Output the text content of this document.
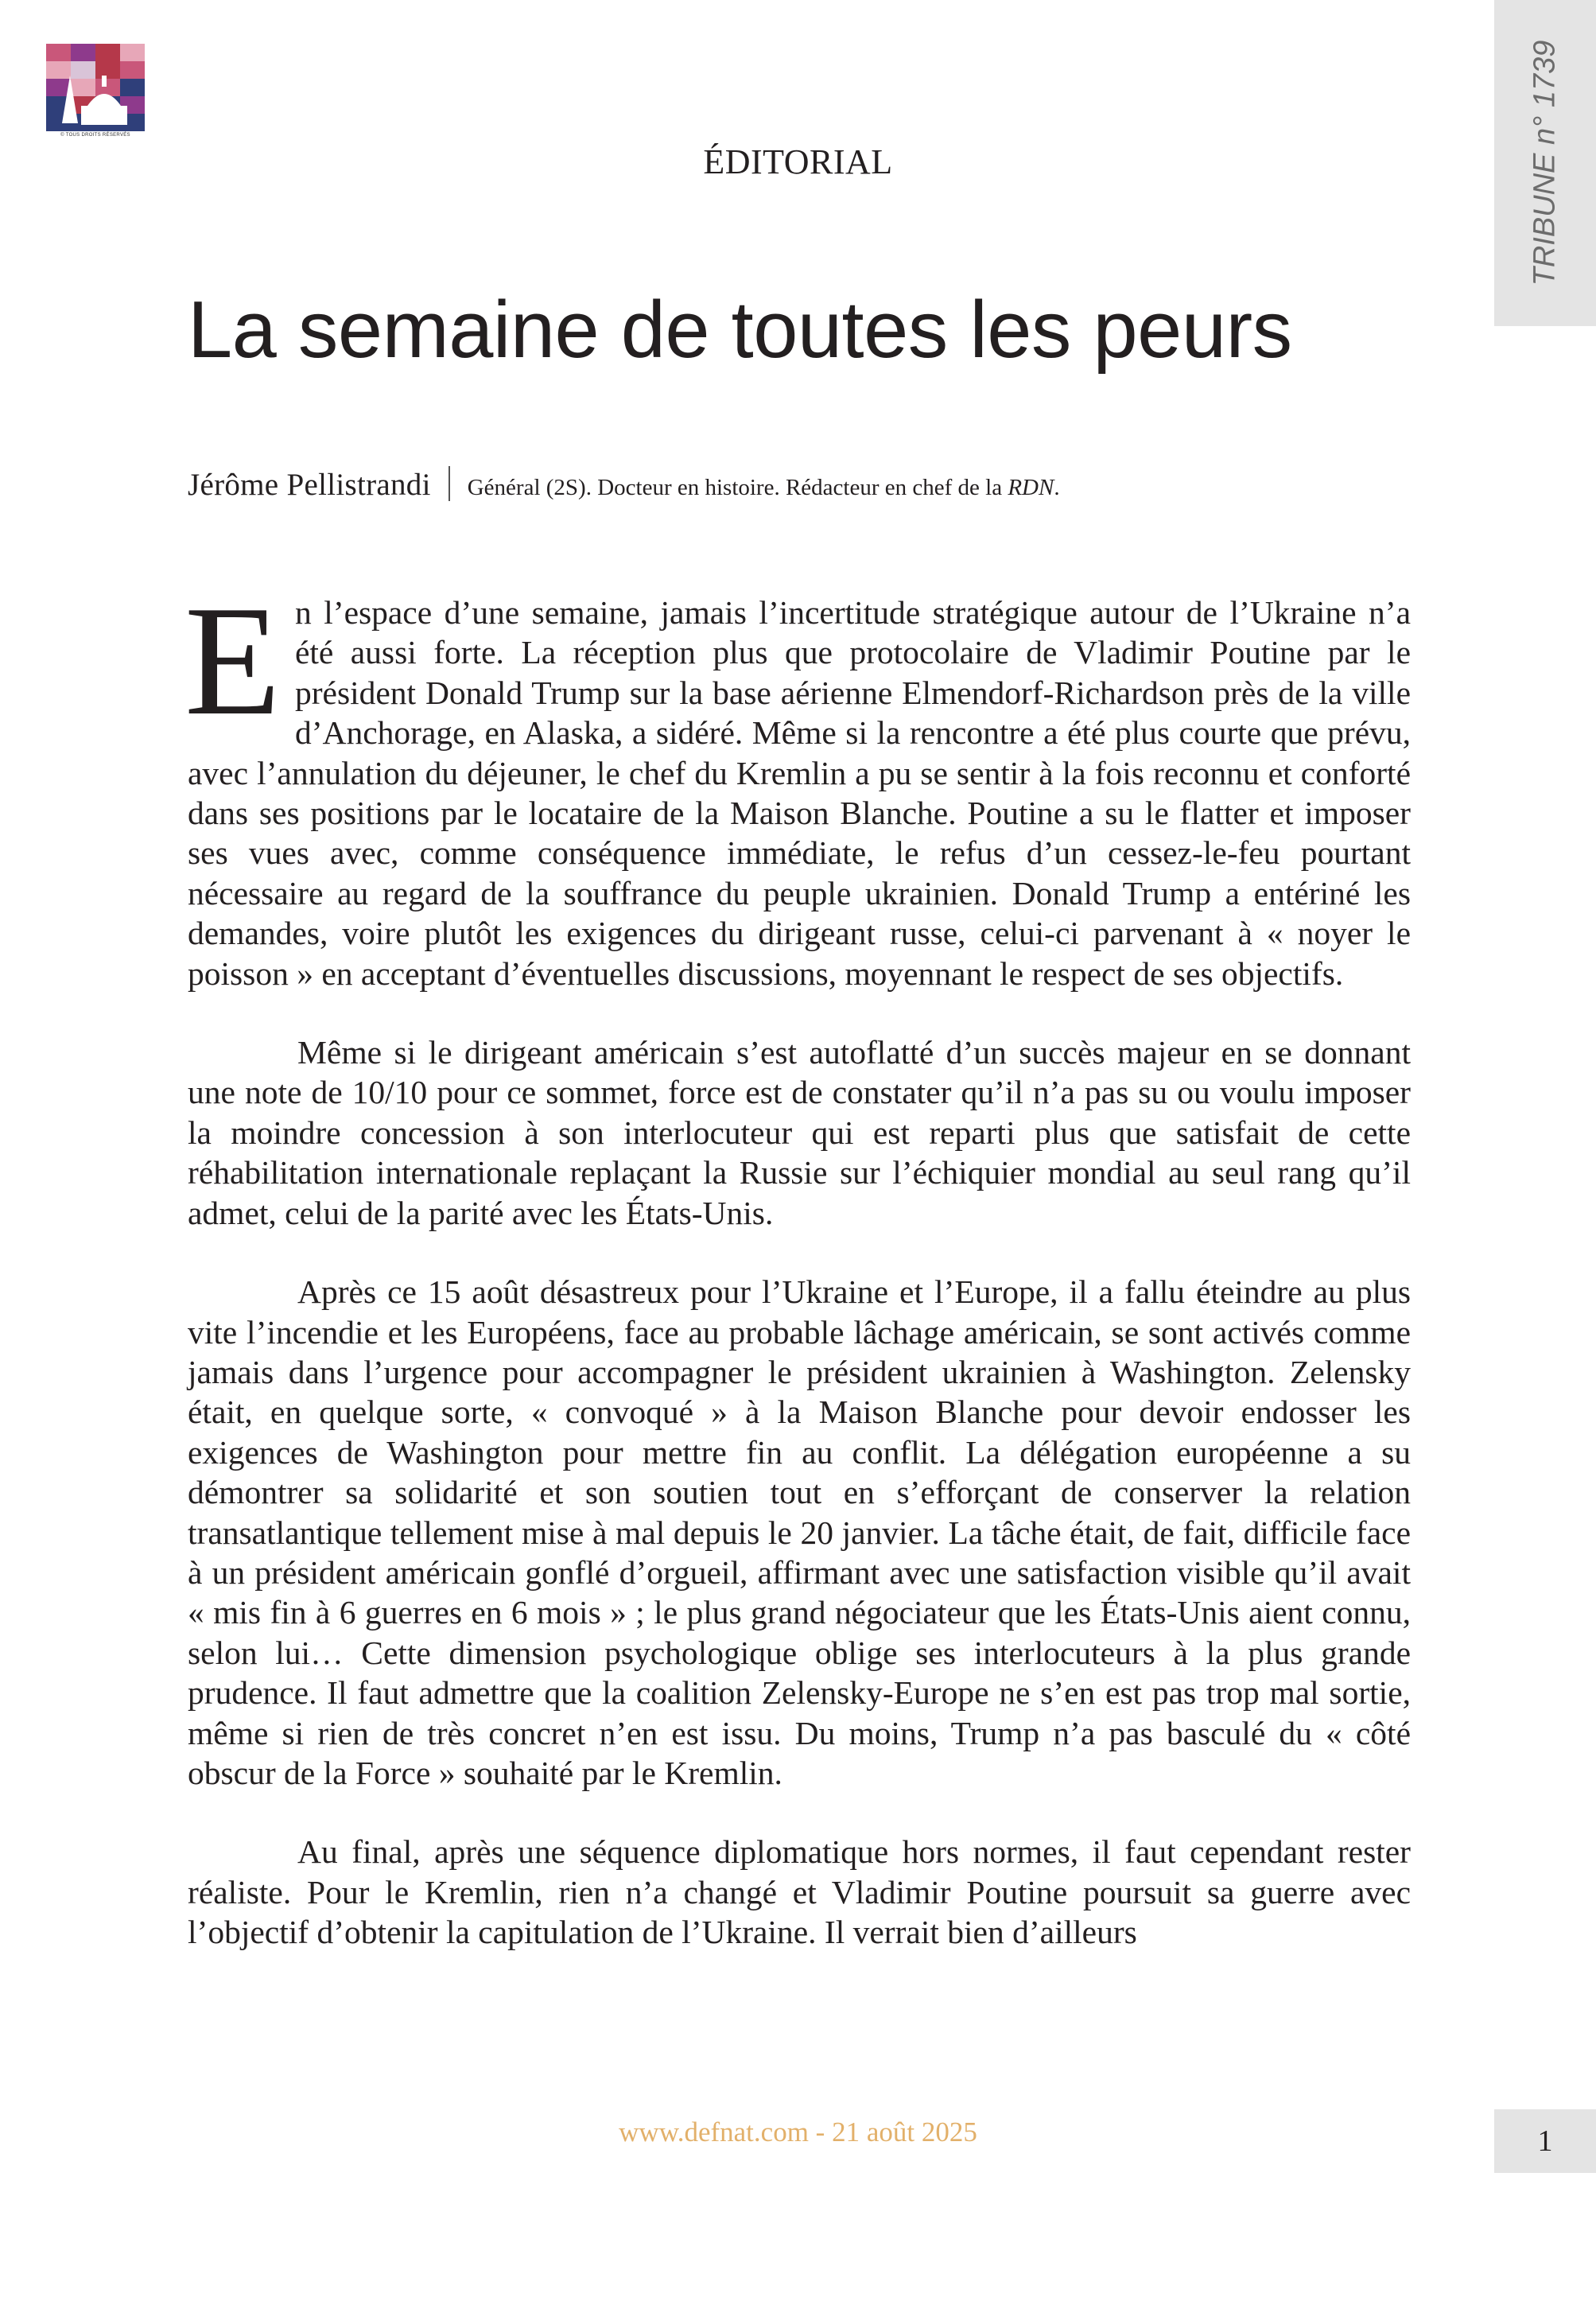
© TOUS DROITS RÉSERVÉS	TRIBUNE n° 1739
ÉDITORIAL
La semaine de toutes les peurs
Jérôme Pellistrandi Général (2S). Docteur en histoire. Rédacteur en chef de la RDN.

En l’espace d’une semaine, jamais l’incertitude stratégique autour de l’Ukraine n’a été aussi forte. La réception plus que protocolaire de Vladimir Poutine par le président Donald Trump sur la base aérienne Elmendorf-Richardson près de la ville d’Anchorage, en Alaska, a sidéré. Même si la rencontre a été plus courte que prévu, avec l’annulation du déjeuner, le chef du Kremlin a pu se sentir à la fois reconnu et conforté dans ses positions par le locataire de la Maison Blanche. Poutine a su le flatter et imposer ses vues avec, comme conséquence immédiate, le refus d’un cessez-le-feu pourtant nécessaire au regard de la souffrance du peuple ukrainien. Donald Trump a entériné les demandes, voire plutôt les exigences du dirigeant russe, celui-ci parvenant à « noyer le poisson » en acceptant d’éventuelles discussions, moyennant le respect de ses objectifs.

Même si le dirigeant américain s’est autoflatté d’un succès majeur en se donnant une note de 10/10 pour ce sommet, force est de constater qu’il n’a pas su ou voulu imposer la moindre concession à son interlocuteur qui est reparti plus que satisfait de cette réhabilitation internationale replaçant la Russie sur l’échiquier mondial au seul rang qu’il admet, celui de la parité avec les États-Unis.

Après ce 15 août désastreux pour l’Ukraine et l’Europe, il a fallu éteindre au plus vite l’incendie et les Européens, face au probable lâchage américain, se sont activés comme jamais dans l’urgence pour accompagner le président ukrainien à Washington. Zelensky était, en quelque sorte, « convoqué » à la Maison Blanche pour devoir endosser les exigences de Washington pour mettre fin au conflit. La délégation européenne a su démontrer sa solidarité et son soutien tout en s’efforçant de conserver la relation transatlantique tellement mise à mal depuis le 20 janvier. La tâche était, de fait, difficile face à un président américain gonflé d’orgueil, affirmant avec une satisfaction visible qu’il avait « mis fin à 6 guerres en 6 mois » ; le plus grand négociateur que les États-Unis aient connu, selon lui… Cette dimension psychologique oblige ses interlocuteurs à la plus grande prudence. Il faut admettre que la coalition Zelensky-Europe ne s’en est pas trop mal sortie, même si rien de très concret n’en est issu. Du moins, Trump n’a pas basculé du « côté obscur de la Force » souhaité par le Kremlin.

Au final, après une séquence diplomatique hors normes, il faut cependant rester réaliste. Pour le Kremlin, rien n’a changé et Vladimir Poutine poursuit sa guerre avec l’objectif d’obtenir la capitulation de l’Ukraine. Il verrait bien d’ailleurs

www.defnat.com - 21 août 2025	1
